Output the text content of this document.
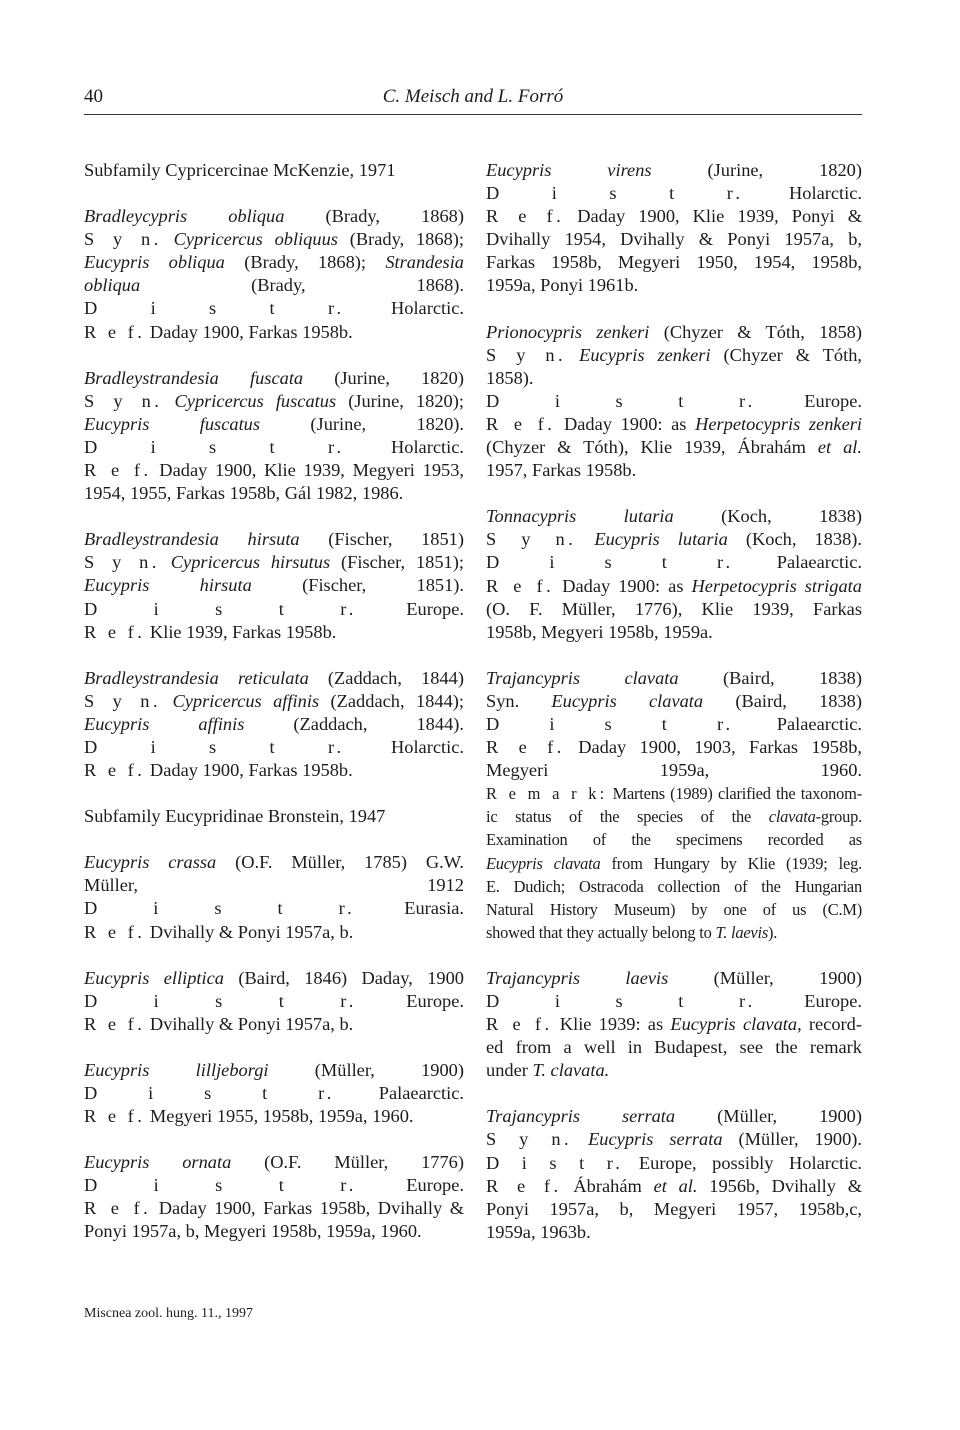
40	C. Meisch and L. Forró
Subfamily Cypricercinae McKenzie, 1971
Bradleycypris obliqua (Brady, 1868)
S y n. Cypricercus obliquus (Brady, 1868);
Eucypris obliqua (Brady, 1868); Strandesia
obliqua (Brady, 1868).
D i s t r. Holarctic.
R e f. Daday 1900, Farkas 1958b.
Bradleystrandesia fuscata (Jurine, 1820)
S y n. Cypricercus fuscatus (Jurine, 1820);
Eucypris fuscatus (Jurine, 1820).
D i s t r. Holarctic.
R e f. Daday 1900, Klie 1939, Megyeri 1953,
1954, 1955, Farkas 1958b, Gál 1982, 1986.
Bradleystrandesia hirsuta (Fischer, 1851)
S y n. Cypricercus hirsutus (Fischer, 1851);
Eucypris hirsuta (Fischer, 1851).
D i s t r. Europe.
R e f. Klie 1939, Farkas 1958b.
Bradleystrandesia reticulata (Zaddach, 1844)
S y n. Cypricercus affinis (Zaddach, 1844);
Eucypris affinis (Zaddach, 1844).
D i s t r. Holarctic.
R e f. Daday 1900, Farkas 1958b.
Subfamily Eucypridinae Bronstein, 1947
Eucypris crassa (O.F. Müller, 1785) G.W.
Müller, 1912
D i s t r. Eurasia.
R e f. Dvihally & Ponyi 1957a, b.
Eucypris elliptica (Baird, 1846) Daday, 1900
D i s t r. Europe.
R e f. Dvihally & Ponyi 1957a, b.
Eucypris lilljeborgi (Müller, 1900)
D i s t r. Palaearctic.
R e f. Megyeri 1955, 1958b, 1959a, 1960.
Eucypris ornata (O.F. Müller, 1776)
D i s t r. Europe.
R e f. Daday 1900, Farkas 1958b, Dvihally &
Ponyi 1957a, b, Megyeri 1958b, 1959a, 1960.
Eucypris virens (Jurine, 1820)
D i s t r. Holarctic.
R e f. Daday 1900, Klie 1939, Ponyi &
Dvihally 1954, Dvihally & Ponyi 1957a, b,
Farkas 1958b, Megyeri 1950, 1954, 1958b,
1959a, Ponyi 1961b.
Prionocypris zenkeri (Chyzer & Tóth, 1858)
S y n. Eucypris zenkeri (Chyzer & Tóth,
1858).
D i s t r. Europe.
R e f. Daday 1900: as Herpetocypris zenkeri
(Chyzer & Tóth), Klie 1939, Ábrahám et al.
1957, Farkas 1958b.
Tonnacypris lutaria (Koch, 1838)
S y n. Eucypris lutaria (Koch, 1838).
D i s t r. Palaearctic.
R e f. Daday 1900: as Herpetocypris strigata
(O. F. Müller, 1776), Klie 1939, Farkas
1958b, Megyeri 1958b, 1959a.
Trajancypris clavata (Baird, 1838)
Syn. Eucypris clavata (Baird, 1838)
D i s t r. Palaearctic.
R e f. Daday 1900, 1903, Farkas 1958b,
Megyeri 1959a, 1960.
R e m a r k: Martens (1989) clarified the taxonom-
ic status of the species of the clavata-group.
Examination of the specimens recorded as
Eucypris clavata from Hungary by Klie (1939; leg.
E. Dudich; Ostracoda collection of the Hungarian
Natural History Museum) by one of us (C.M)
showed that they actually belong to T. laevis).
Trajancypris laevis (Müller, 1900)
D i s t r. Europe.
R e f. Klie 1939: as Eucypris clavata, record-
ed from a well in Budapest, see the remark
under T. clavata.
Trajancypris serrata (Müller, 1900)
S y n. Eucypris serrata (Müller, 1900).
D i s t r. Europe, possibly Holarctic.
R e f. Ábrahám et al. 1956b, Dvihally &
Ponyi 1957a, b, Megyeri 1957, 1958b,c,
1959a, 1963b.
Miscnea zool. hung. 11., 1997
